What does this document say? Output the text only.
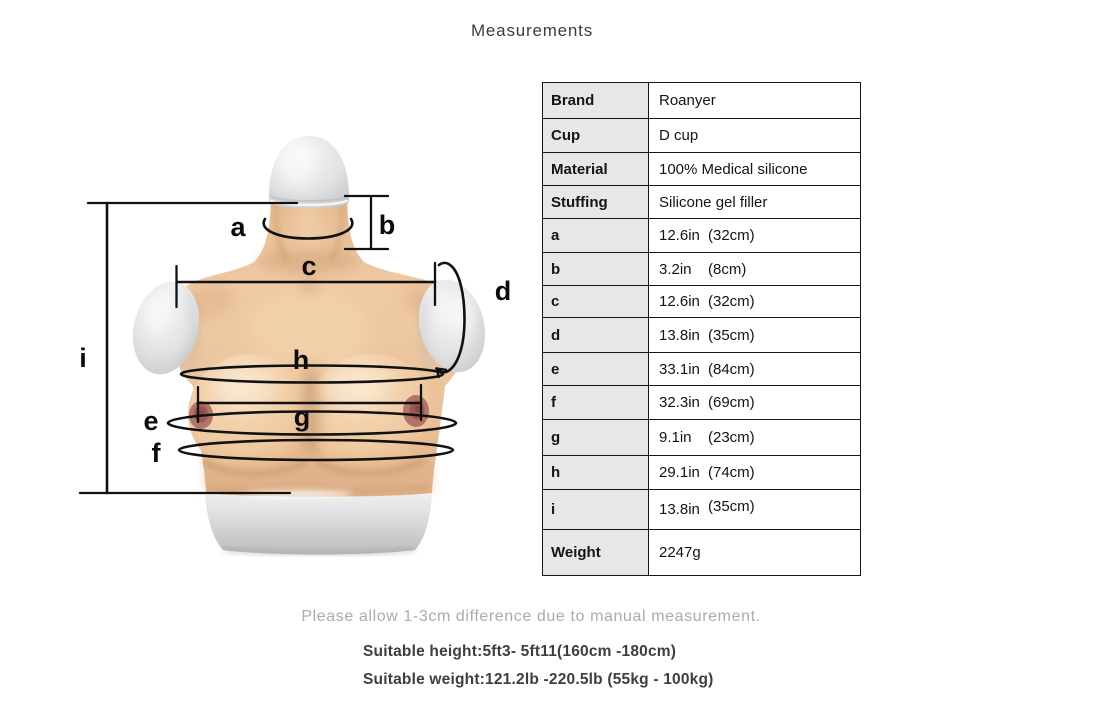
Measurements
a	b
c
d
e
f
g
h
i
Brand	Roanyer
Cup	D cup
Material	100% Medical silicone
Stuffing	Silicone gel filler
a	12.6in (32cm)
b	3.2in (8cm)
c	12.6in (32cm)
d	13.8in (35cm)
e	33.1in (84cm)
f	32.3in (69cm)
g	9.1in (23cm)
h	29.1in (74cm)
i	13.8in (35cm)
Weight	2247g
Please allow 1-3cm difference due to manual measurement.
Suitable height:5ft3- 5ft11(160cm -180cm)
Suitable weight:121.2lb -220.5lb (55kg - 100kg)
